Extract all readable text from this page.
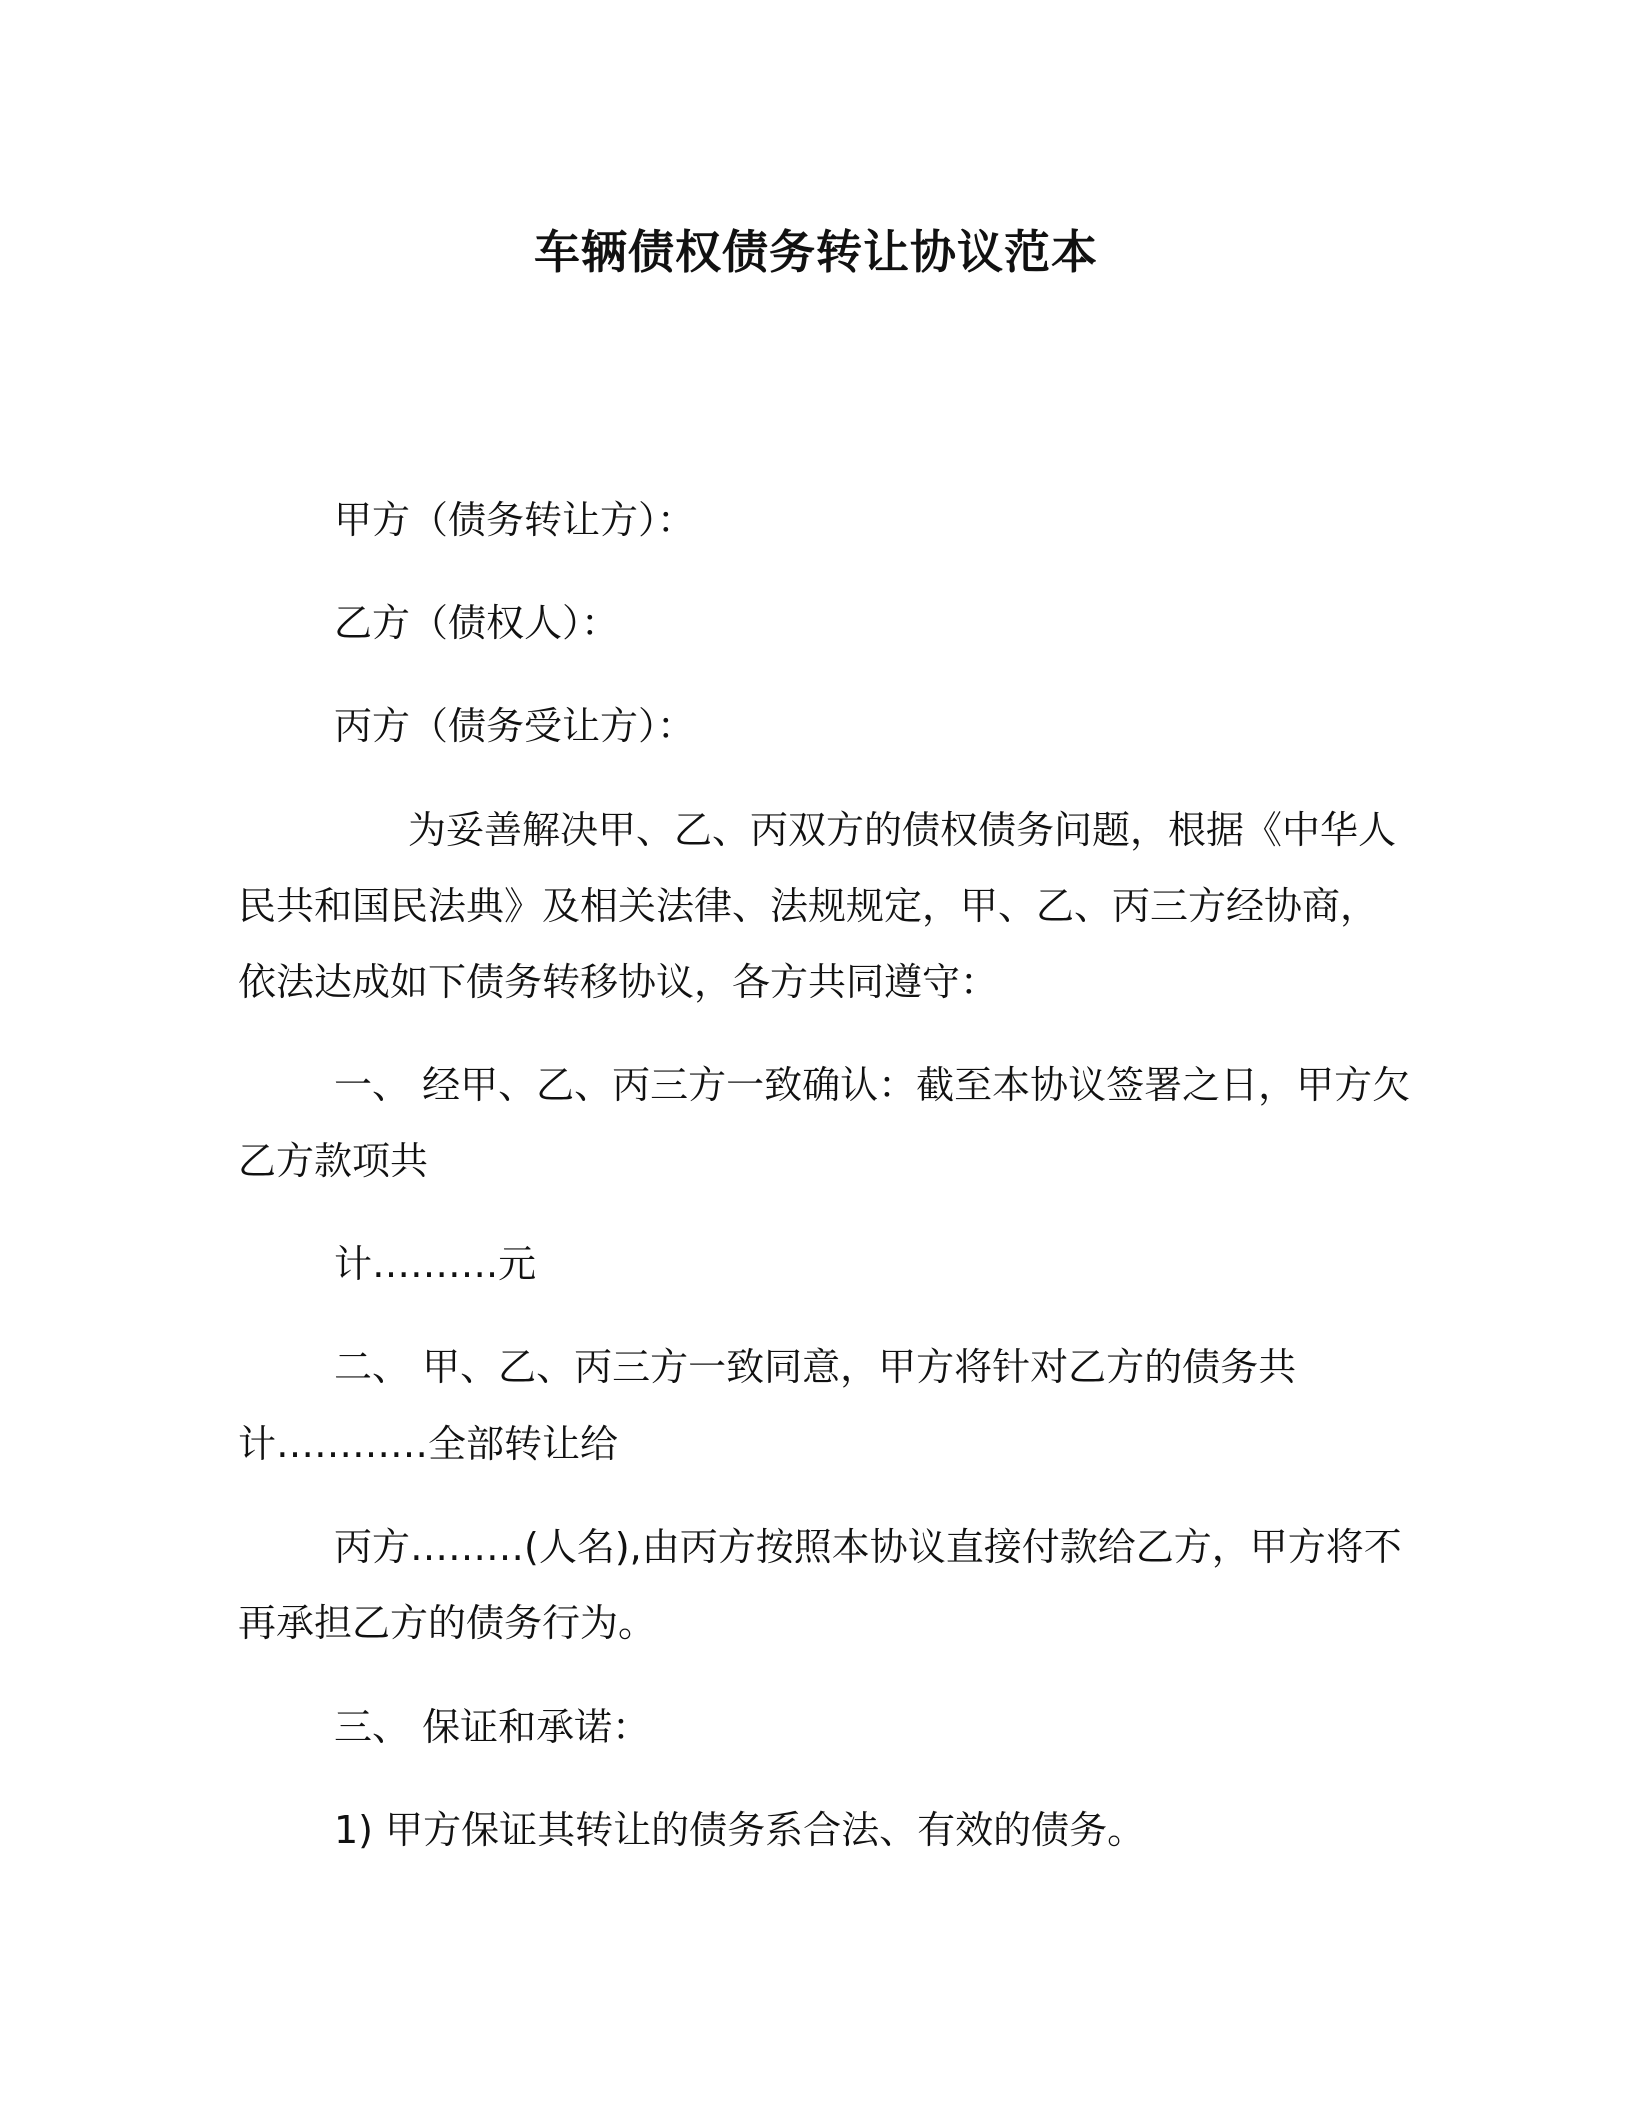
车辆债权债务转让协议范本
甲方（债务转让方）：
乙方（债权人）：
丙方（债务受让方）：
为妥善解决甲、乙、丙双方的债权债务问题，根据《中华人
民共和国民法典》及相关法律、法规规定，甲、乙、丙三方经协商，
依法达成如下债务转移协议，各方共同遵守：
一、 经甲、乙、丙三方一致确认：截至本协议签署之日，甲方欠
乙方款项共
计……….元
二、 甲、乙、丙三方一致同意，甲方将针对乙方的债务共
计…………全部转让给
丙方………(人名),由丙方按照本协议直接付款给乙方，甲方将不
再承担乙方的债务行为。
三、 保证和承诺：
1) 甲方保证其转让的债务系合法、有效的债务。
